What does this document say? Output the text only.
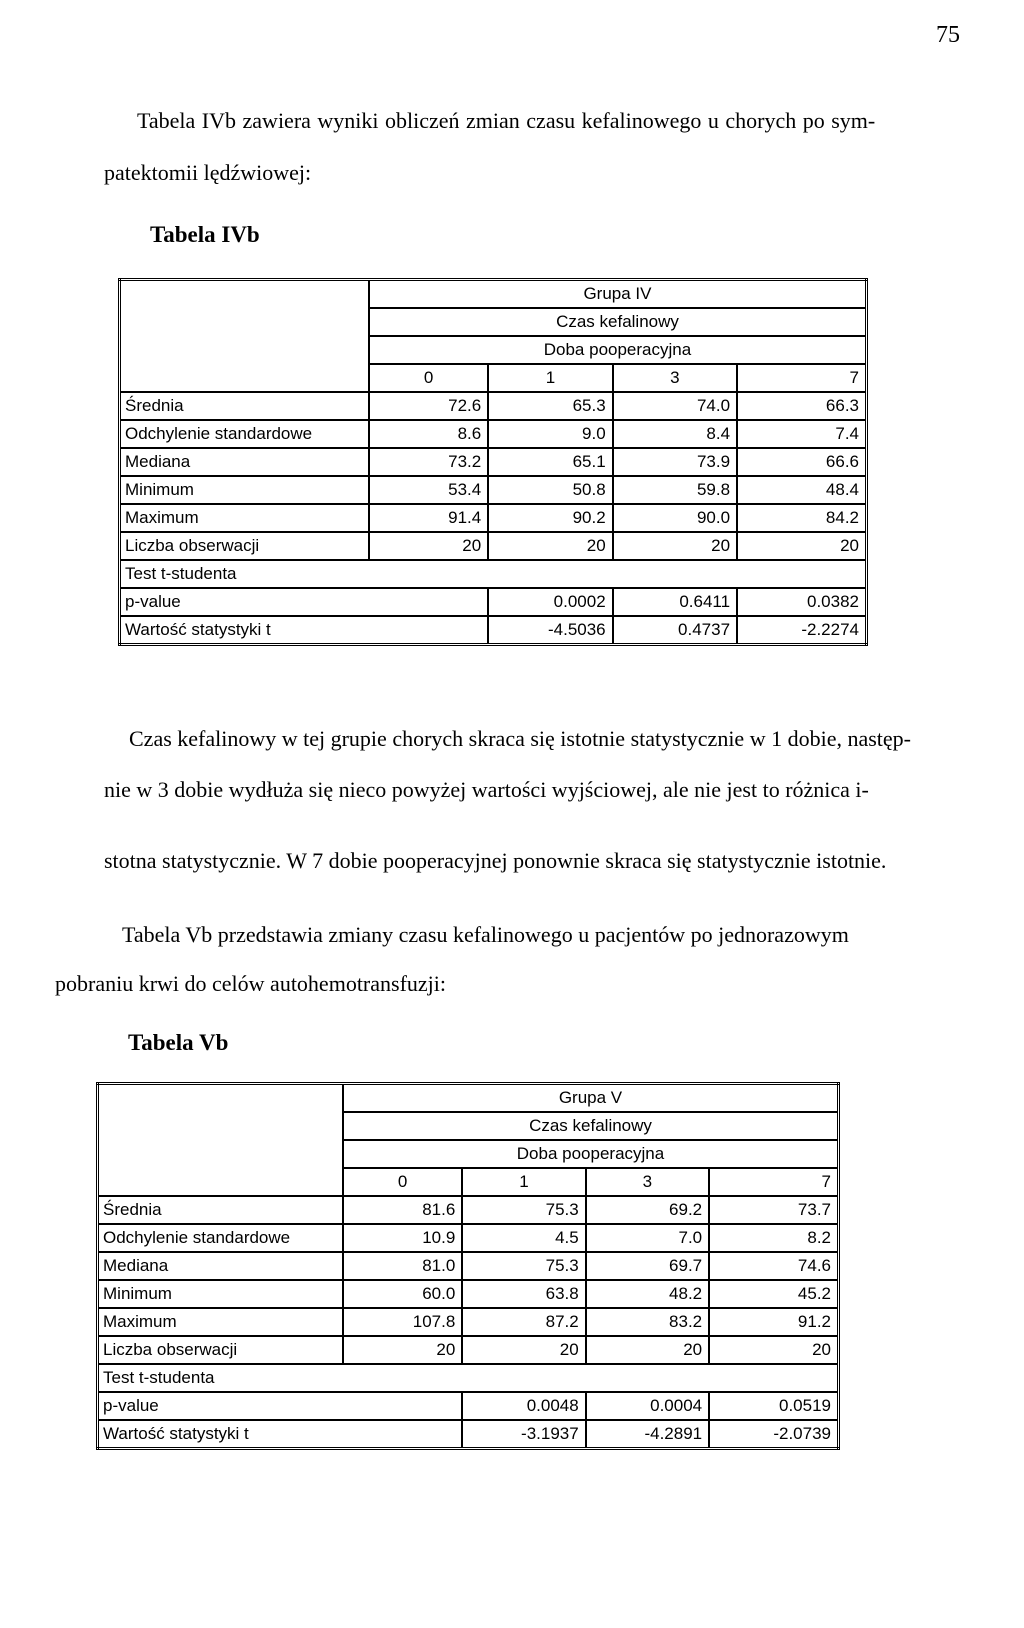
75
Tabela IVb zawiera wyniki obliczeń zmian czasu kefalinowego u chorych po sym-
patektomii lędźwiowej:
Tabela IVb
	Grupa IV			
	Czas kefalinowy			
	Doba pooperacyjna			
	0	1	3	7
Średnia	72.6	65.3	74.0	66.3
Odchylenie standardowe	8.6	9.0	8.4	7.4
Mediana	73.2	65.1	73.9	66.6
Minimum	53.4	50.8	59.8	48.4
Maximum	91.4	90.2	90.0	84.2
Liczba obserwacji	20	20	20	20
Test t-studenta				
p-value		0.0002	0.6411	0.0382
Wartość statystyki t		-4.5036	0.4737	-2.2274
Czas kefalinowy w tej grupie chorych skraca się istotnie statystycznie w 1 dobie, następ-
nie w 3 dobie wydłuża się nieco powyżej wartości wyjściowej, ale nie jest to różnica i-
stotna statystycznie. W 7 dobie pooperacyjnej ponownie skraca się statystycznie istotnie.
Tabela Vb przedstawia zmiany czasu kefalinowego u pacjentów po jednorazowym
pobraniu krwi do celów autohemotransfuzji:
Tabela Vb
	Grupa V			
	Czas kefalinowy			
	Doba pooperacyjna			
	0	1	3	7
Średnia	81.6	75.3	69.2	73.7
Odchylenie standardowe	10.9	4.5	7.0	8.2
Mediana	81.0	75.3	69.7	74.6
Minimum	60.0	63.8	48.2	45.2
Maximum	107.8	87.2	83.2	91.2
Liczba obserwacji	20	20	20	20
Test t-studenta				
p-value		0.0048	0.0004	0.0519
Wartość statystyki t		-3.1937	-4.2891	-2.0739
